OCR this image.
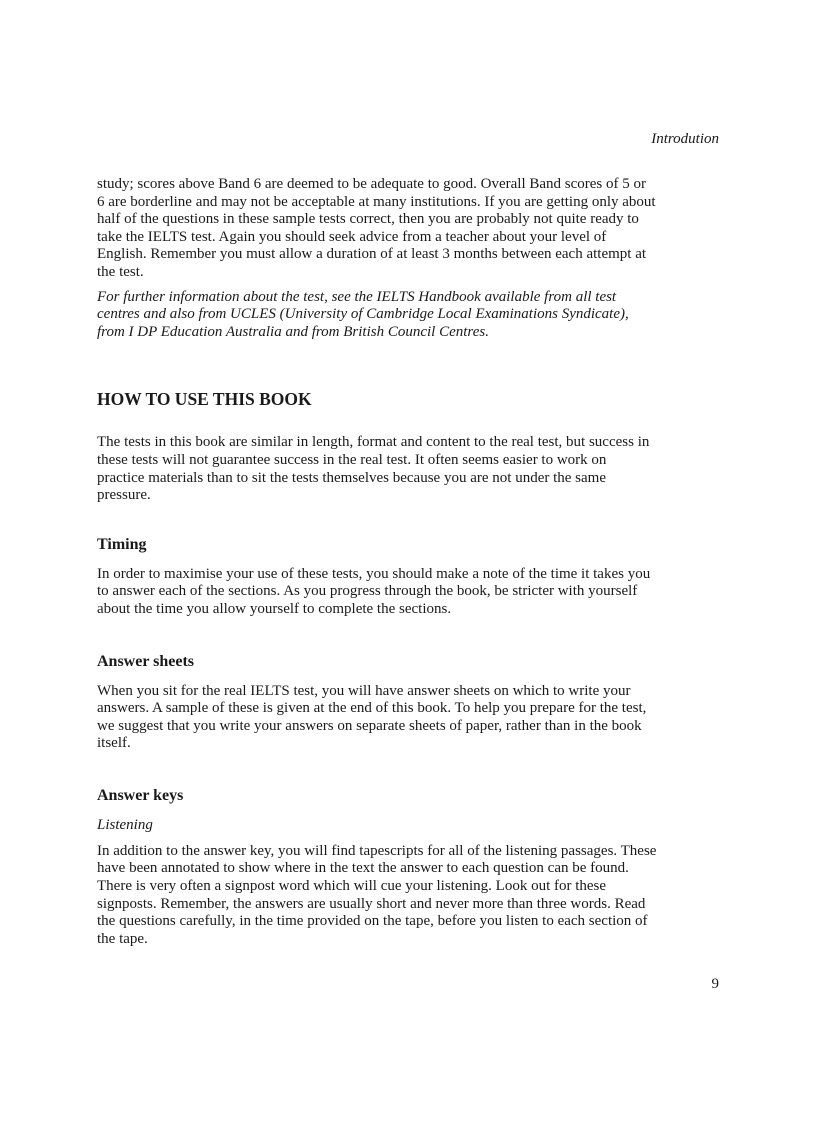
Introdution

study; scores above Band 6 are deemed to be adequate to good. Overall Band scores of 5 or 6 are borderline and may not be acceptable at many institutions. If you are getting only about half of the questions in these sample tests correct, then you are probably not quite ready to take the IELTS test. Again you should seek advice from a teacher about your level of English. Remember you must allow a duration of at least 3 months between each attempt at the test.

For further information about the test, see the IELTS Handbook available from all test centres and also from UCLES (University of Cambridge Local Examinations Syndicate), from I DP Education Australia and from British Council Centres.

HOW TO USE THIS BOOK

The tests in this book are similar in length, format and content to the real test, but success in these tests will not guarantee success in the real test. It often seems easier to work on practice materials than to sit the tests themselves because you are not under the same pressure.

Timing

In order to maximise your use of these tests, you should make a note of the time it takes you to answer each of the sections. As you progress through the book, be stricter with yourself about the time you allow yourself to complete the sections.

Answer sheets

When you sit for the real IELTS test, you will have answer sheets on which to write your answers. A sample of these is given at the end of this book. To help you prepare for the test, we suggest that you write your answers on separate sheets of paper, rather than in the book itself.

Answer keys

Listening

In addition to the answer key, you will find tapescripts for all of the listening passages. These have been annotated to show where in the text the answer to each question can be found. There is very often a signpost word which will cue your listening. Look out for these signposts. Remember, the answers are usually short and never more than three words. Read the questions carefully, in the time provided on the tape, before you listen to each section of the tape.

9
